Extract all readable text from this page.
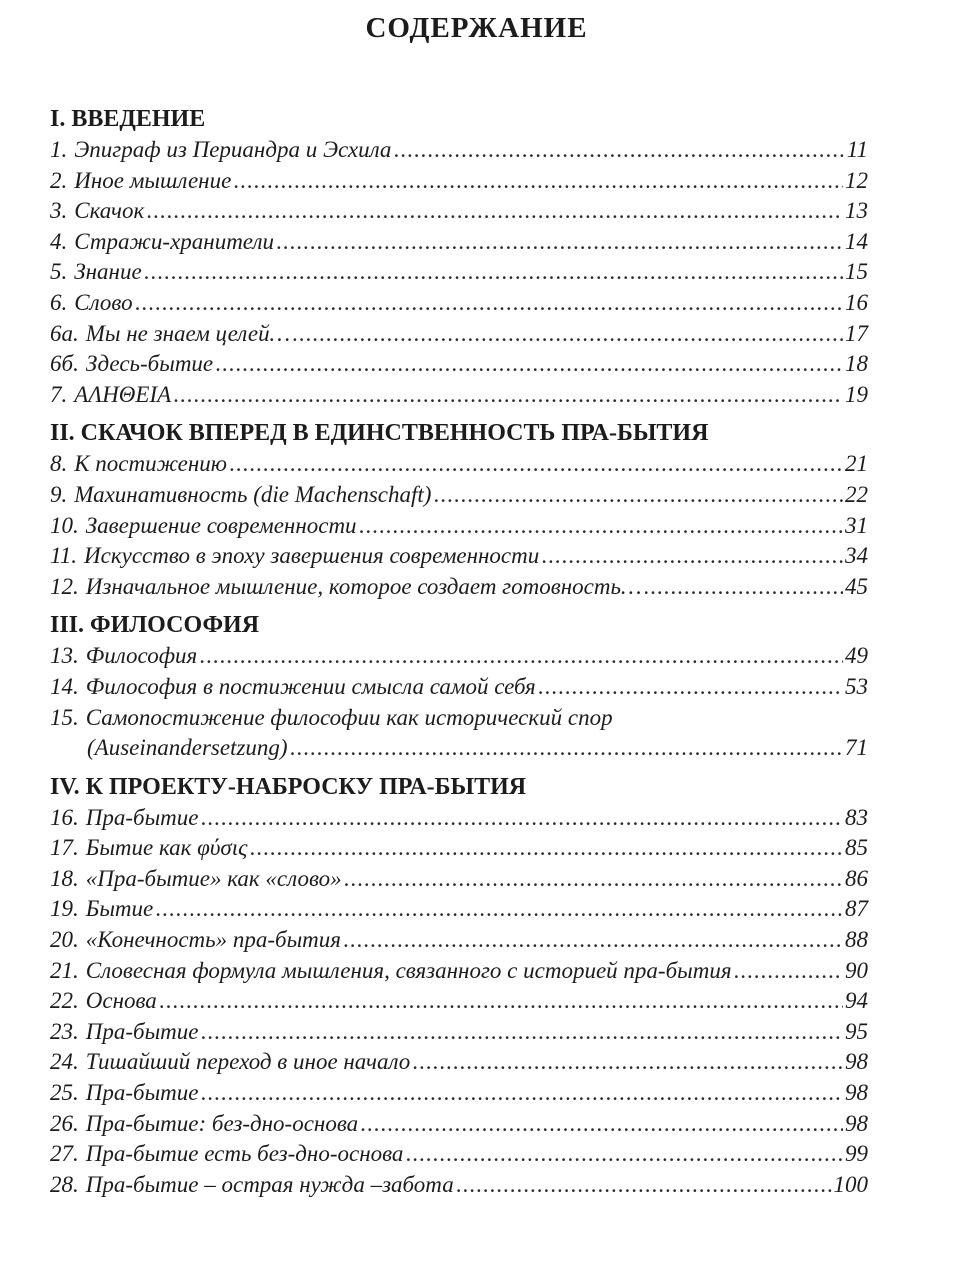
СОДЕРЖАНИЕ
I. ВВЕДЕНИЕ
1. Эпиграф из Периандра и Эсхила .....	11
2. Иное мышление .....	12
3. Скачок .....	13
4. Стражи-хранители .....	14
5. Знание .....	15
6. Слово .....	16
6а. Мы не знаем целей… .....	17
6б. Здесь-бытие .....	18
7. ΑΛΗΘΕΙΑ .....	19
II. СКАЧОК ВПЕРЕД В ЕДИНСТВЕННОСТЬ ПРА-БЫТИЯ
8. К постижению .....	21
9. Махинативность (die Machenschaft) .....	22
10. Завершение современности .....	31
11. Искусство в эпоху завершения современности .....	34
12. Изначальное мышление, которое создает готовность… .....	45
III. ФИЛОСОФИЯ
13. Философия .....	49
14. Философия в постижении смысла самой себя .....	53
15. Самопостижение философии как исторический спор
(Auseinandersetzung) .....	71
IV. К ПРОЕКТУ-НАБРОСКУ ПРА-БЫТИЯ
16. Пра-бытие .....	83
17. Бытие как φύσις .....	85
18. «Пра-бытие» как «слово» .....	86
19. Бытие .....	87
20. «Конечность» пра-бытия .....	88
21. Словесная формула мышления, связанного с историей пра-бытия .....	90
22. Основа .....	94
23. Пра-бытие .....	95
24. Тишайший переход в иное начало .....	98
25. Пра-бытие .....	98
26. Пра-бытие: без-дно-основа .....	98
27. Пра-бытие есть без-дно-основа .....	99
28. Пра-бытие – острая нужда –забота .....	100
